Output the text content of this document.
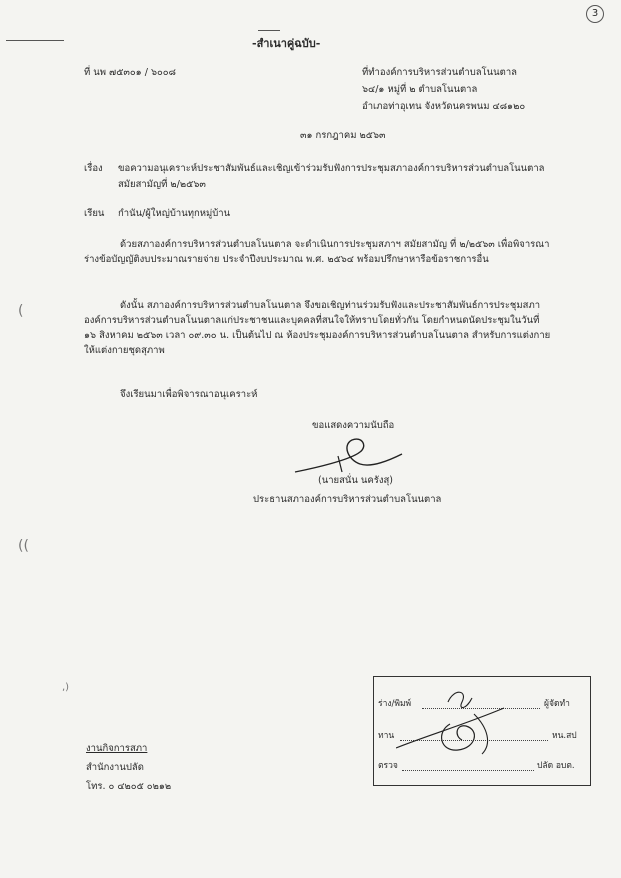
(
((
,)
3
-สำเนาคู่ฉบับ-
ที่ นพ ๗๕๓๐๑ / ๖๐๐๘	ที่ทำองค์การบริหารส่วนตำบลโนนตาล
๖๔/๑ หมู่ที่ ๒ ตำบลโนนตาล
อำเภอท่าอุเทน จังหวัดนครพนม ๔๘๑๒๐
๓๑ กรกฎาคม ๒๕๖๓
เรื่อง ขอความอนุเคราะห์ประชาสัมพันธ์และเชิญเข้าร่วมรับฟังการประชุมสภาองค์การบริหารส่วนตำบลโนนตาล
สมัยสามัญที่ ๒/๒๕๖๓
เรียน กำนัน/ผู้ใหญ่บ้านทุกหมู่บ้าน
ด้วยสภาองค์การบริหารส่วนตำบลโนนตาล จะดำเนินการประชุมสภาฯ สมัยสามัญ ที่ ๒/๒๕๖๓ เพื่อพิจารณาร่างข้อบัญญัติงบประมาณรายจ่าย ประจำปีงบประมาณ พ.ศ. ๒๕๖๔ พร้อมปรึกษาหารือข้อราชการอื่น
ดังนั้น สภาองค์การบริหารส่วนตำบลโนนตาล จึงขอเชิญท่านร่วมรับฟังและประชาสัมพันธ์การประชุมสภาองค์การบริหารส่วนตำบลโนนตาลแก่ประชาชนและบุคคลที่สนใจให้ทราบโดยทั่วกัน โดยกำหนดนัดประชุมในวันที่ ๑๖ สิงหาคม ๒๕๖๓ เวลา ๐๙.๓๐ น. เป็นต้นไป ณ ห้องประชุมองค์การบริหารส่วนตำบลโนนตาล สำหรับการแต่งกายให้แต่งกายชุดสุภาพ
จึงเรียนมาเพื่อพิจารณาอนุเคราะห์
ขอแสดงความนับถือ
(นายสนั่น นครังสุ)
ประธานสภาองค์การบริหารส่วนตำบลโนนตาล
ร่าง/พิมพ์	ผู้จัดทำ
ทาน	หน.สป
ตรวจ	ปลัด อบต.
งานกิจการสภา
สำนักงานปลัด
โทร. ๐ ๔๒๐๕ ๐๒๑๒
